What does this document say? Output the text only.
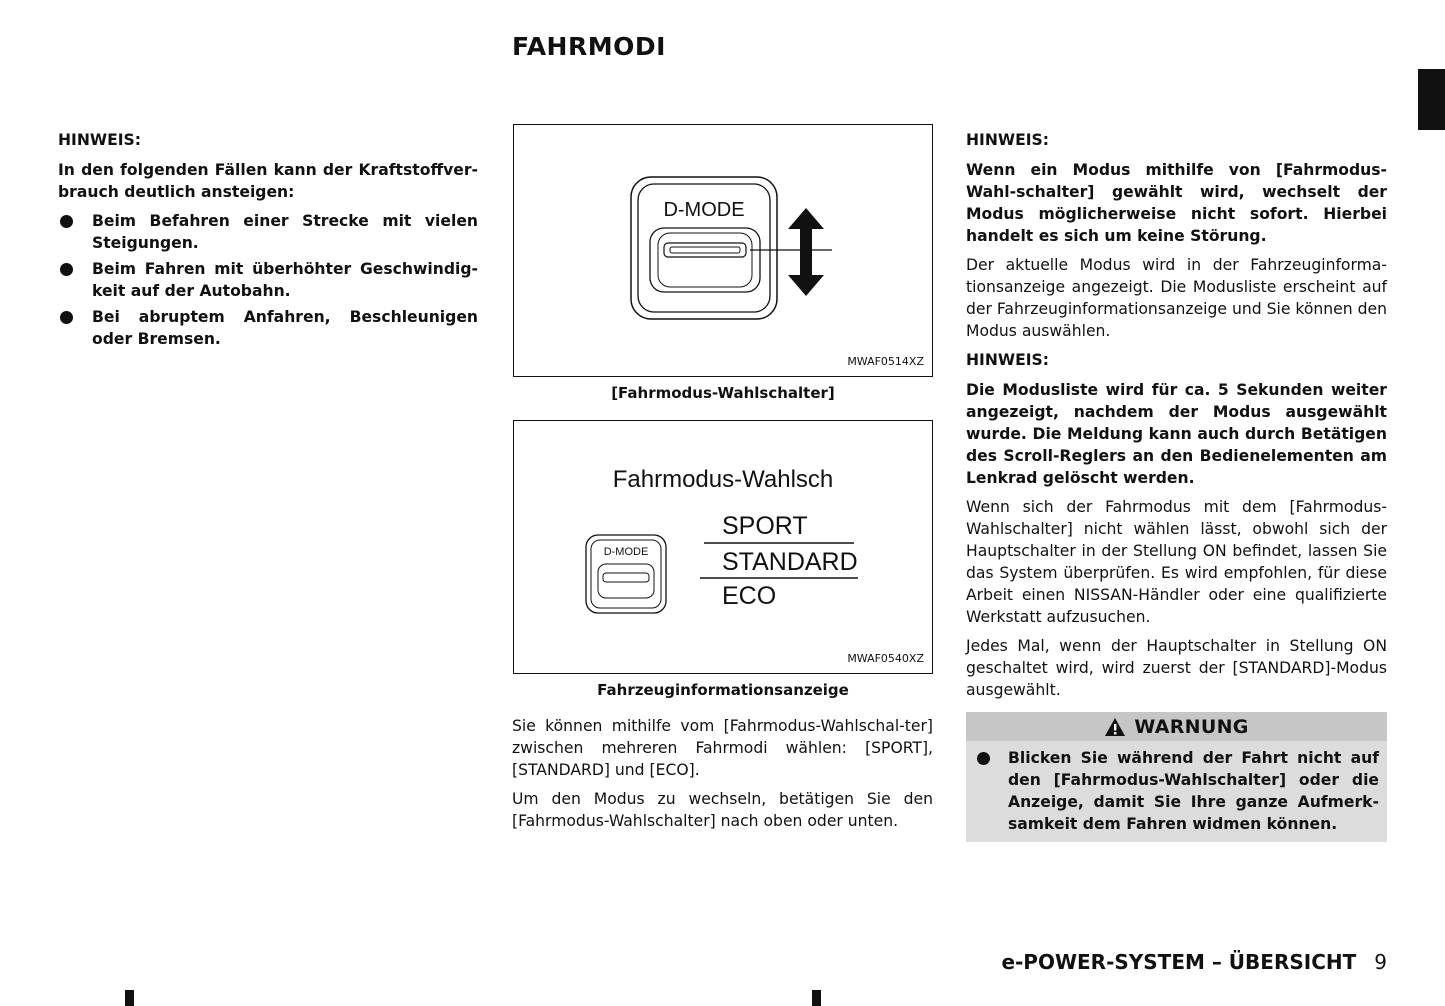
FAHRMODI

HINWEIS:

In den folgenden Fällen kann der Kraftstoffver-brauch deutlich ansteigen:

Beim Befahren einer Strecke mit vielen Steigungen.
Beim Fahren mit überhöhter Geschwindig-keit auf der Autobahn.
Bei abruptem Anfahren, Beschleunigen oder Bremsen.
D-MODE
MWAF0514XZ
[Fahrmodus-Wahlschalter]
Fahrmodus-Wahlsch
D-MODE
SPORT
STANDARD
ECO
MWAF0540XZ
Fahrzeuginformationsanzeige

Sie können mithilfe vom [Fahrmodus-Wahlschal-ter] zwischen mehreren Fahrmodi wählen: [SPORT], [STANDARD] und [ECO].

Um den Modus zu wechseln, betätigen Sie den [Fahrmodus-Wahlschalter] nach oben oder unten.

HINWEIS:

Wenn ein Modus mithilfe von [Fahrmodus-Wahl-schalter] gewählt wird, wechselt der Modus möglicherweise nicht sofort. Hierbei handelt es sich um keine Störung.

Der aktuelle Modus wird in der Fahrzeuginforma-tionsanzeige angezeigt. Die Modusliste erscheint auf der Fahrzeuginformationsanzeige und Sie können den Modus auswählen.

HINWEIS:

Die Modusliste wird für ca. 5 Sekunden weiter angezeigt, nachdem der Modus ausgewählt wurde. Die Meldung kann auch durch Betätigen des Scroll-Reglers an den Bedienelementen am Lenkrad gelöscht werden.

Wenn sich der Fahrmodus mit dem [Fahrmodus-Wahlschalter] nicht wählen lässt, obwohl sich der Hauptschalter in der Stellung ON befindet, lassen Sie das System überprüfen. Es wird empfohlen, für diese Arbeit einen NISSAN-Händler oder eine qualifizierte Werkstatt aufzusuchen.

Jedes Mal, wenn der Hauptschalter in Stellung ON geschaltet wird, wird zuerst der [STANDARD]-Modus ausgewählt.

WARNUNG
Blicken Sie während der Fahrt nicht auf den [Fahrmodus-Wahlschalter] oder die Anzeige, damit Sie Ihre ganze Aufmerk-samkeit dem Fahren widmen können.
e-POWER-SYSTEM – ÜBERSICHT 9
